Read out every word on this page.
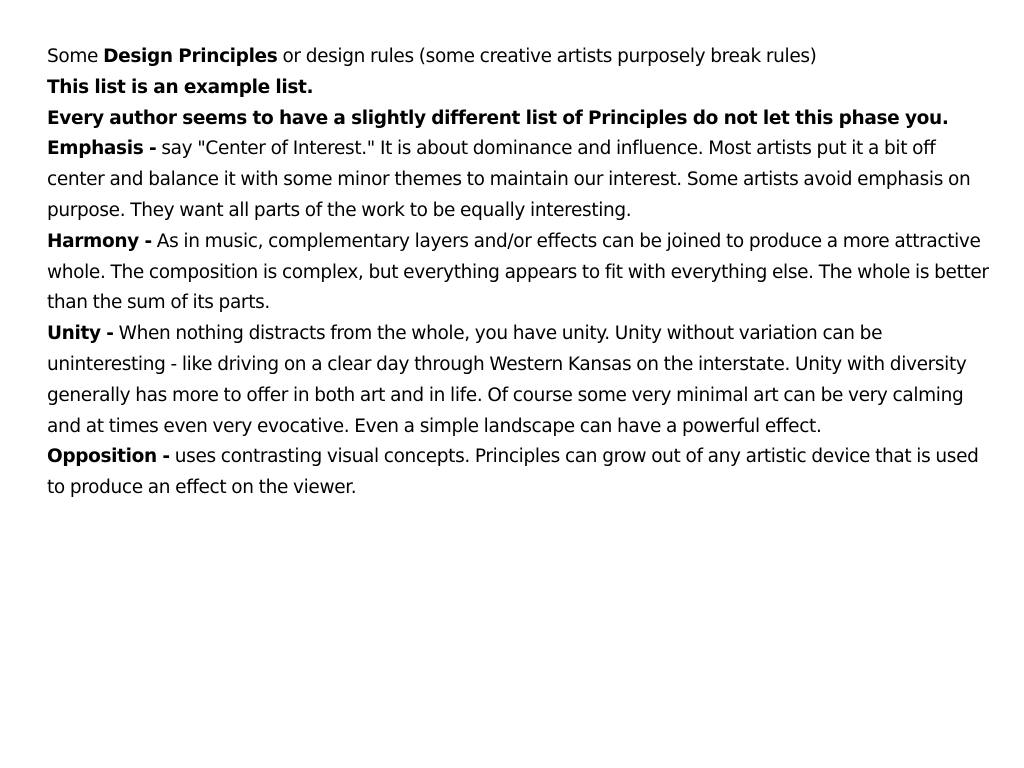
Some Design Principles or design rules (some creative artists purposely break rules)

This list is an example list.

Every author seems to have a slightly different list of Principles do not let this phase you.

Emphasis - say "Center of Interest." It is about dominance and influence. Most artists put it a bit off center and balance it with some minor themes to maintain our interest. Some artists avoid emphasis on purpose. They want all parts of the work to be equally interesting.

Harmony - As in music, complementary layers and/or effects can be joined to produce a more attractive whole. The composition is complex, but everything appears to fit with everything else. The whole is better than the sum of its parts.

Unity - When nothing distracts from the whole, you have unity. Unity without variation can be uninteresting - like driving on a clear day through Western Kansas on the interstate. Unity with diversity generally has more to offer in both art and in life. Of course some very minimal art can be very calming and at times even very evocative. Even a simple landscape can have a powerful effect.

Opposition - uses contrasting visual concepts. Principles can grow out of any artistic device that is used to produce an effect on the viewer.
